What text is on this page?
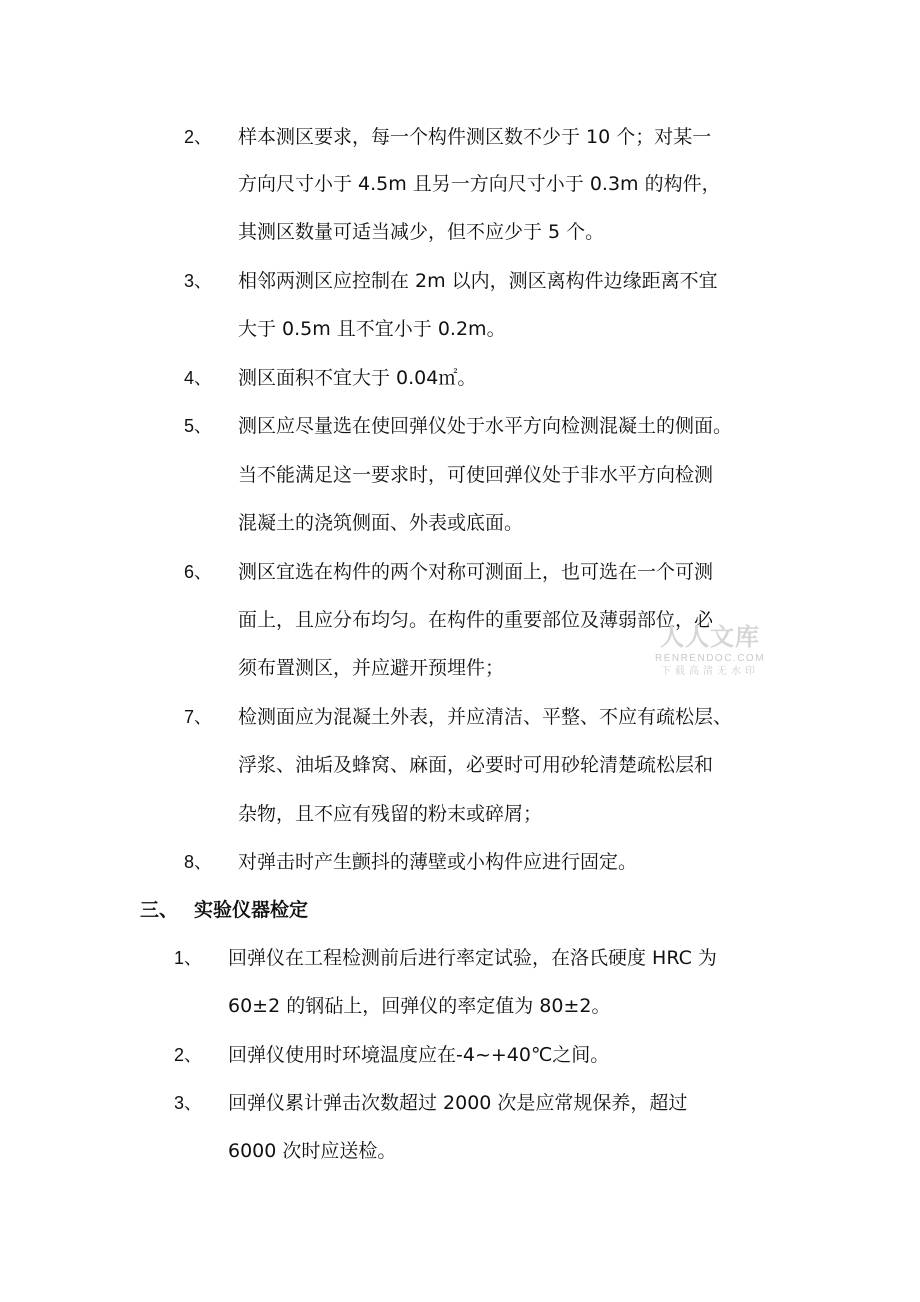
2、 样本测区要求，每一个构件测区数不少于 10 个；对某一
方向尺寸小于 4.5m 且另一方向尺寸小于 0.3m 的构件，
其测区数量可适当减少，但不应少于 5 个。
3、 相邻两测区应控制在 2m 以内，测区离构件边缘距离不宜
大于 0.5m 且不宜小于 0.2m。
4、 测区面积不宜大于 0.04㎡。
5、 测区应尽量选在使回弹仪处于水平方向检测混凝土的侧面。
当不能满足这一要求时，可使回弹仪处于非水平方向检测
混凝土的浇筑侧面、外表或底面。
6、 测区宜选在构件的两个对称可测面上，也可选在一个可测
面上，且应分布均匀。在构件的重要部位及薄弱部位，必
须布置测区，并应避开预埋件；
7、 检测面应为混凝土外表，并应清洁、平整、不应有疏松层、
浮浆、油垢及蜂窝、麻面，必要时可用砂轮清楚疏松层和
杂物，且不应有残留的粉末或碎屑；
8、 对弹击时产生颤抖的薄壁或小构件应进行固定。
三、 实验仪器检定
1、 回弹仪在工程检测前后进行率定试验，在洛氏硬度 HRC 为
60±2 的钢砧上，回弹仪的率定值为 80±2。
2、 回弹仪使用时环境温度应在-4~+40℃之间。
3、 回弹仪累计弹击次数超过 2000 次是应常规保养，超过
6000 次时应送检。
人人文库
RENRENDOC.COM
下载高清无水印
